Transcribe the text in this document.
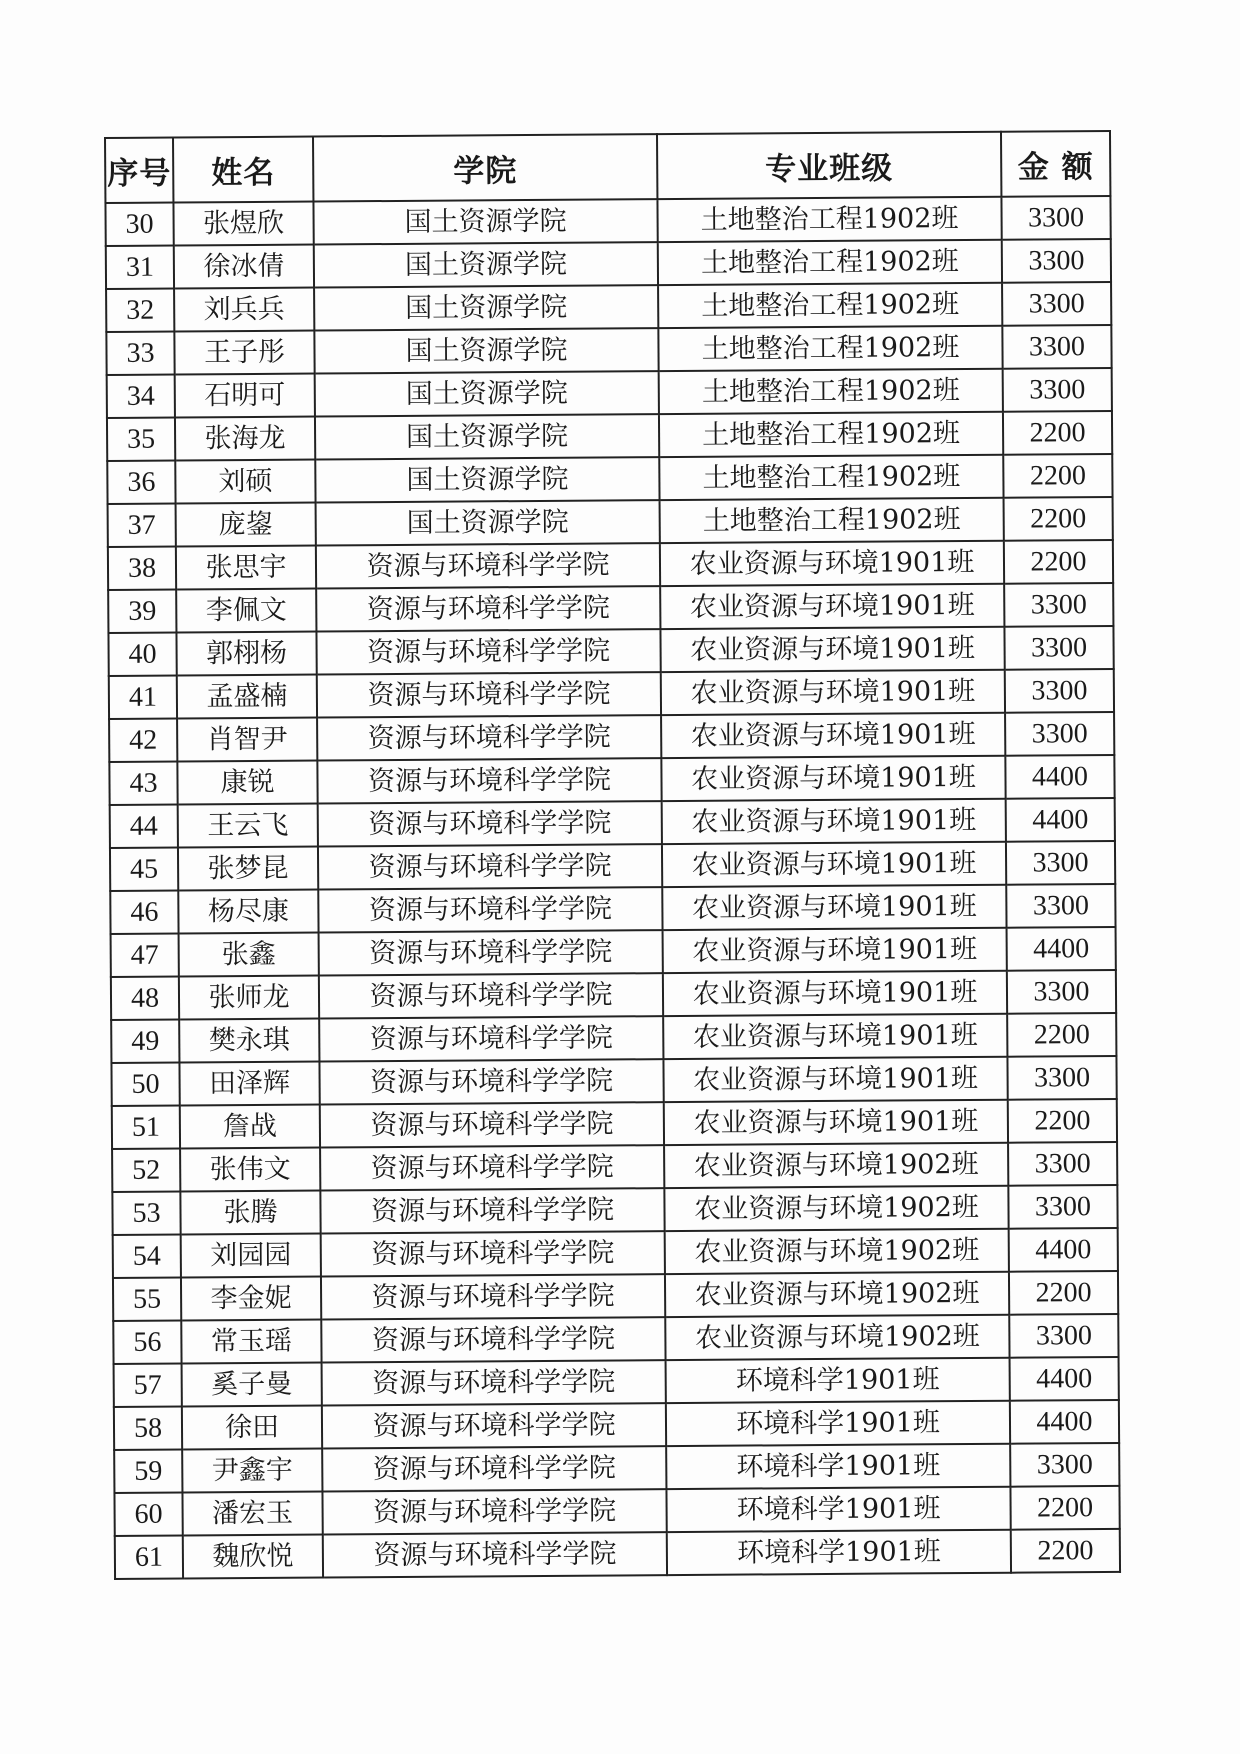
序号	姓名	学院	专业班级	金 额
30	张煜欣	国土资源学院	土地整治工程1902班	3300
31	徐冰倩	国土资源学院	土地整治工程1902班	3300
32	刘兵兵	国土资源学院	土地整治工程1902班	3300
33	王子彤	国土资源学院	土地整治工程1902班	3300
34	石明可	国土资源学院	土地整治工程1902班	3300
35	张海龙	国土资源学院	土地整治工程1902班	2200
36	刘硕	国土资源学院	土地整治工程1902班	2200
37	庞鋆	国土资源学院	土地整治工程1902班	2200
38	张思宇	资源与环境科学学院	农业资源与环境1901班	2200
39	李佩文	资源与环境科学学院	农业资源与环境1901班	3300
40	郭栩杨	资源与环境科学学院	农业资源与环境1901班	3300
41	孟盛楠	资源与环境科学学院	农业资源与环境1901班	3300
42	肖智尹	资源与环境科学学院	农业资源与环境1901班	3300
43	康锐	资源与环境科学学院	农业资源与环境1901班	4400
44	王云飞	资源与环境科学学院	农业资源与环境1901班	4400
45	张梦昆	资源与环境科学学院	农业资源与环境1901班	3300
46	杨尽康	资源与环境科学学院	农业资源与环境1901班	3300
47	张鑫	资源与环境科学学院	农业资源与环境1901班	4400
48	张师龙	资源与环境科学学院	农业资源与环境1901班	3300
49	樊永琪	资源与环境科学学院	农业资源与环境1901班	2200
50	田泽辉	资源与环境科学学院	农业资源与环境1901班	3300
51	詹战	资源与环境科学学院	农业资源与环境1901班	2200
52	张伟文	资源与环境科学学院	农业资源与环境1902班	3300
53	张腾	资源与环境科学学院	农业资源与环境1902班	3300
54	刘园园	资源与环境科学学院	农业资源与环境1902班	4400
55	李金妮	资源与环境科学学院	农业资源与环境1902班	2200
56	常玉瑶	资源与环境科学学院	农业资源与环境1902班	3300
57	奚子曼	资源与环境科学学院	环境科学1901班	4400
58	徐田	资源与环境科学学院	环境科学1901班	4400
59	尹鑫宇	资源与环境科学学院	环境科学1901班	3300
60	潘宏玉	资源与环境科学学院	环境科学1901班	2200
61	魏欣悦	资源与环境科学学院	环境科学1901班	2200
